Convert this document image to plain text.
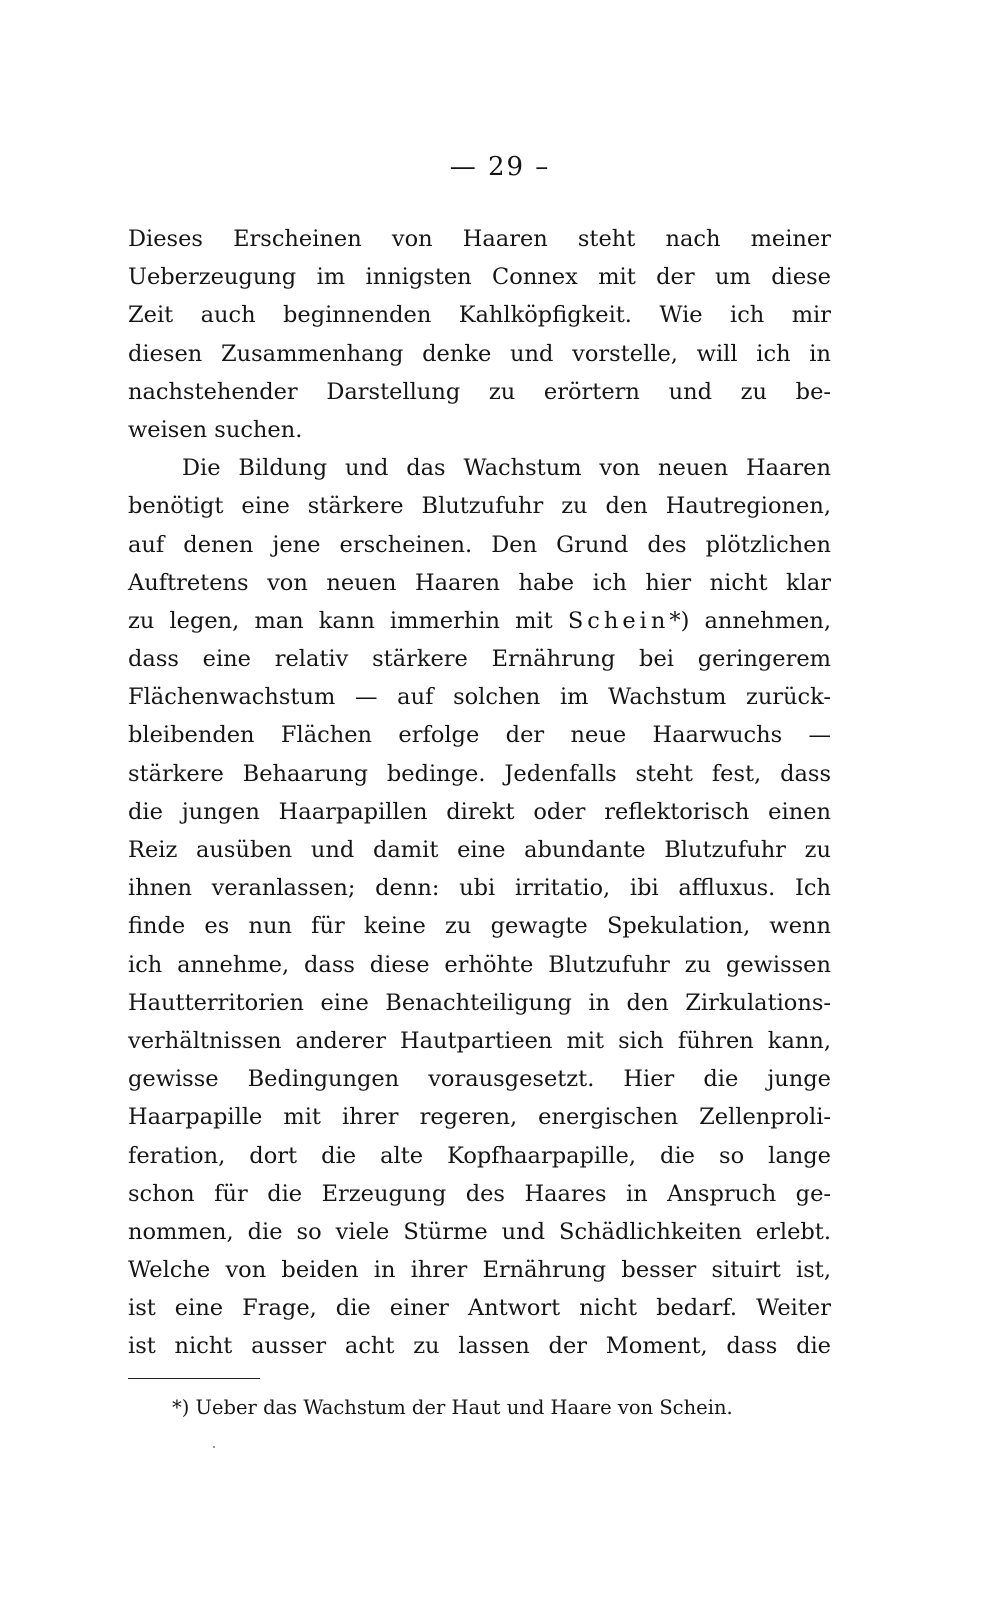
— 29 –
Dieses Erscheinen von Haaren steht nach meiner
Ueberzeugung im innigsten Connex mit der um diese
Zeit auch beginnenden Kahlköpfigkeit. Wie ich mir
diesen Zusammenhang denke und vorstelle, will ich in
nachstehender Darstellung zu erörtern und zu be-
weisen suchen.
Die Bildung und das Wachstum von neuen Haaren
benötigt eine stärkere Blutzufuhr zu den Hautregionen,
auf denen jene erscheinen. Den Grund des plötzlichen
Auftretens von neuen Haaren habe ich hier nicht klar
zu legen, man kann immerhin mit Schein*) annehmen,
dass eine relativ stärkere Ernährung bei geringerem
Flächenwachstum — auf solchen im Wachstum zurück-
bleibenden Flächen erfolge der neue Haarwuchs —
stärkere Behaarung bedinge. Jedenfalls steht fest, dass
die jungen Haarpapillen direkt oder reflektorisch einen
Reiz ausüben und damit eine abundante Blutzufuhr zu
ihnen veranlassen; denn: ubi irritatio, ibi affluxus. Ich
finde es nun für keine zu gewagte Spekulation, wenn
ich annehme, dass diese erhöhte Blutzufuhr zu gewissen
Hautterritorien eine Benachteiligung in den Zirkulations-
verhältnissen anderer Hautpartieen mit sich führen kann,
gewisse Bedingungen vorausgesetzt. Hier die junge
Haarpapille mit ihrer regeren, energischen Zellenproli-
feration, dort die alte Kopfhaarpapille, die so lange
schon für die Erzeugung des Haares in Anspruch ge-
nommen, die so viele Stürme und Schädlichkeiten erlebt.
Welche von beiden in ihrer Ernährung besser situirt ist,
ist eine Frage, die einer Antwort nicht bedarf. Weiter
ist nicht ausser acht zu lassen der Moment, dass die
*) Ueber das Wachstum der Haut und Haare von Schein.
